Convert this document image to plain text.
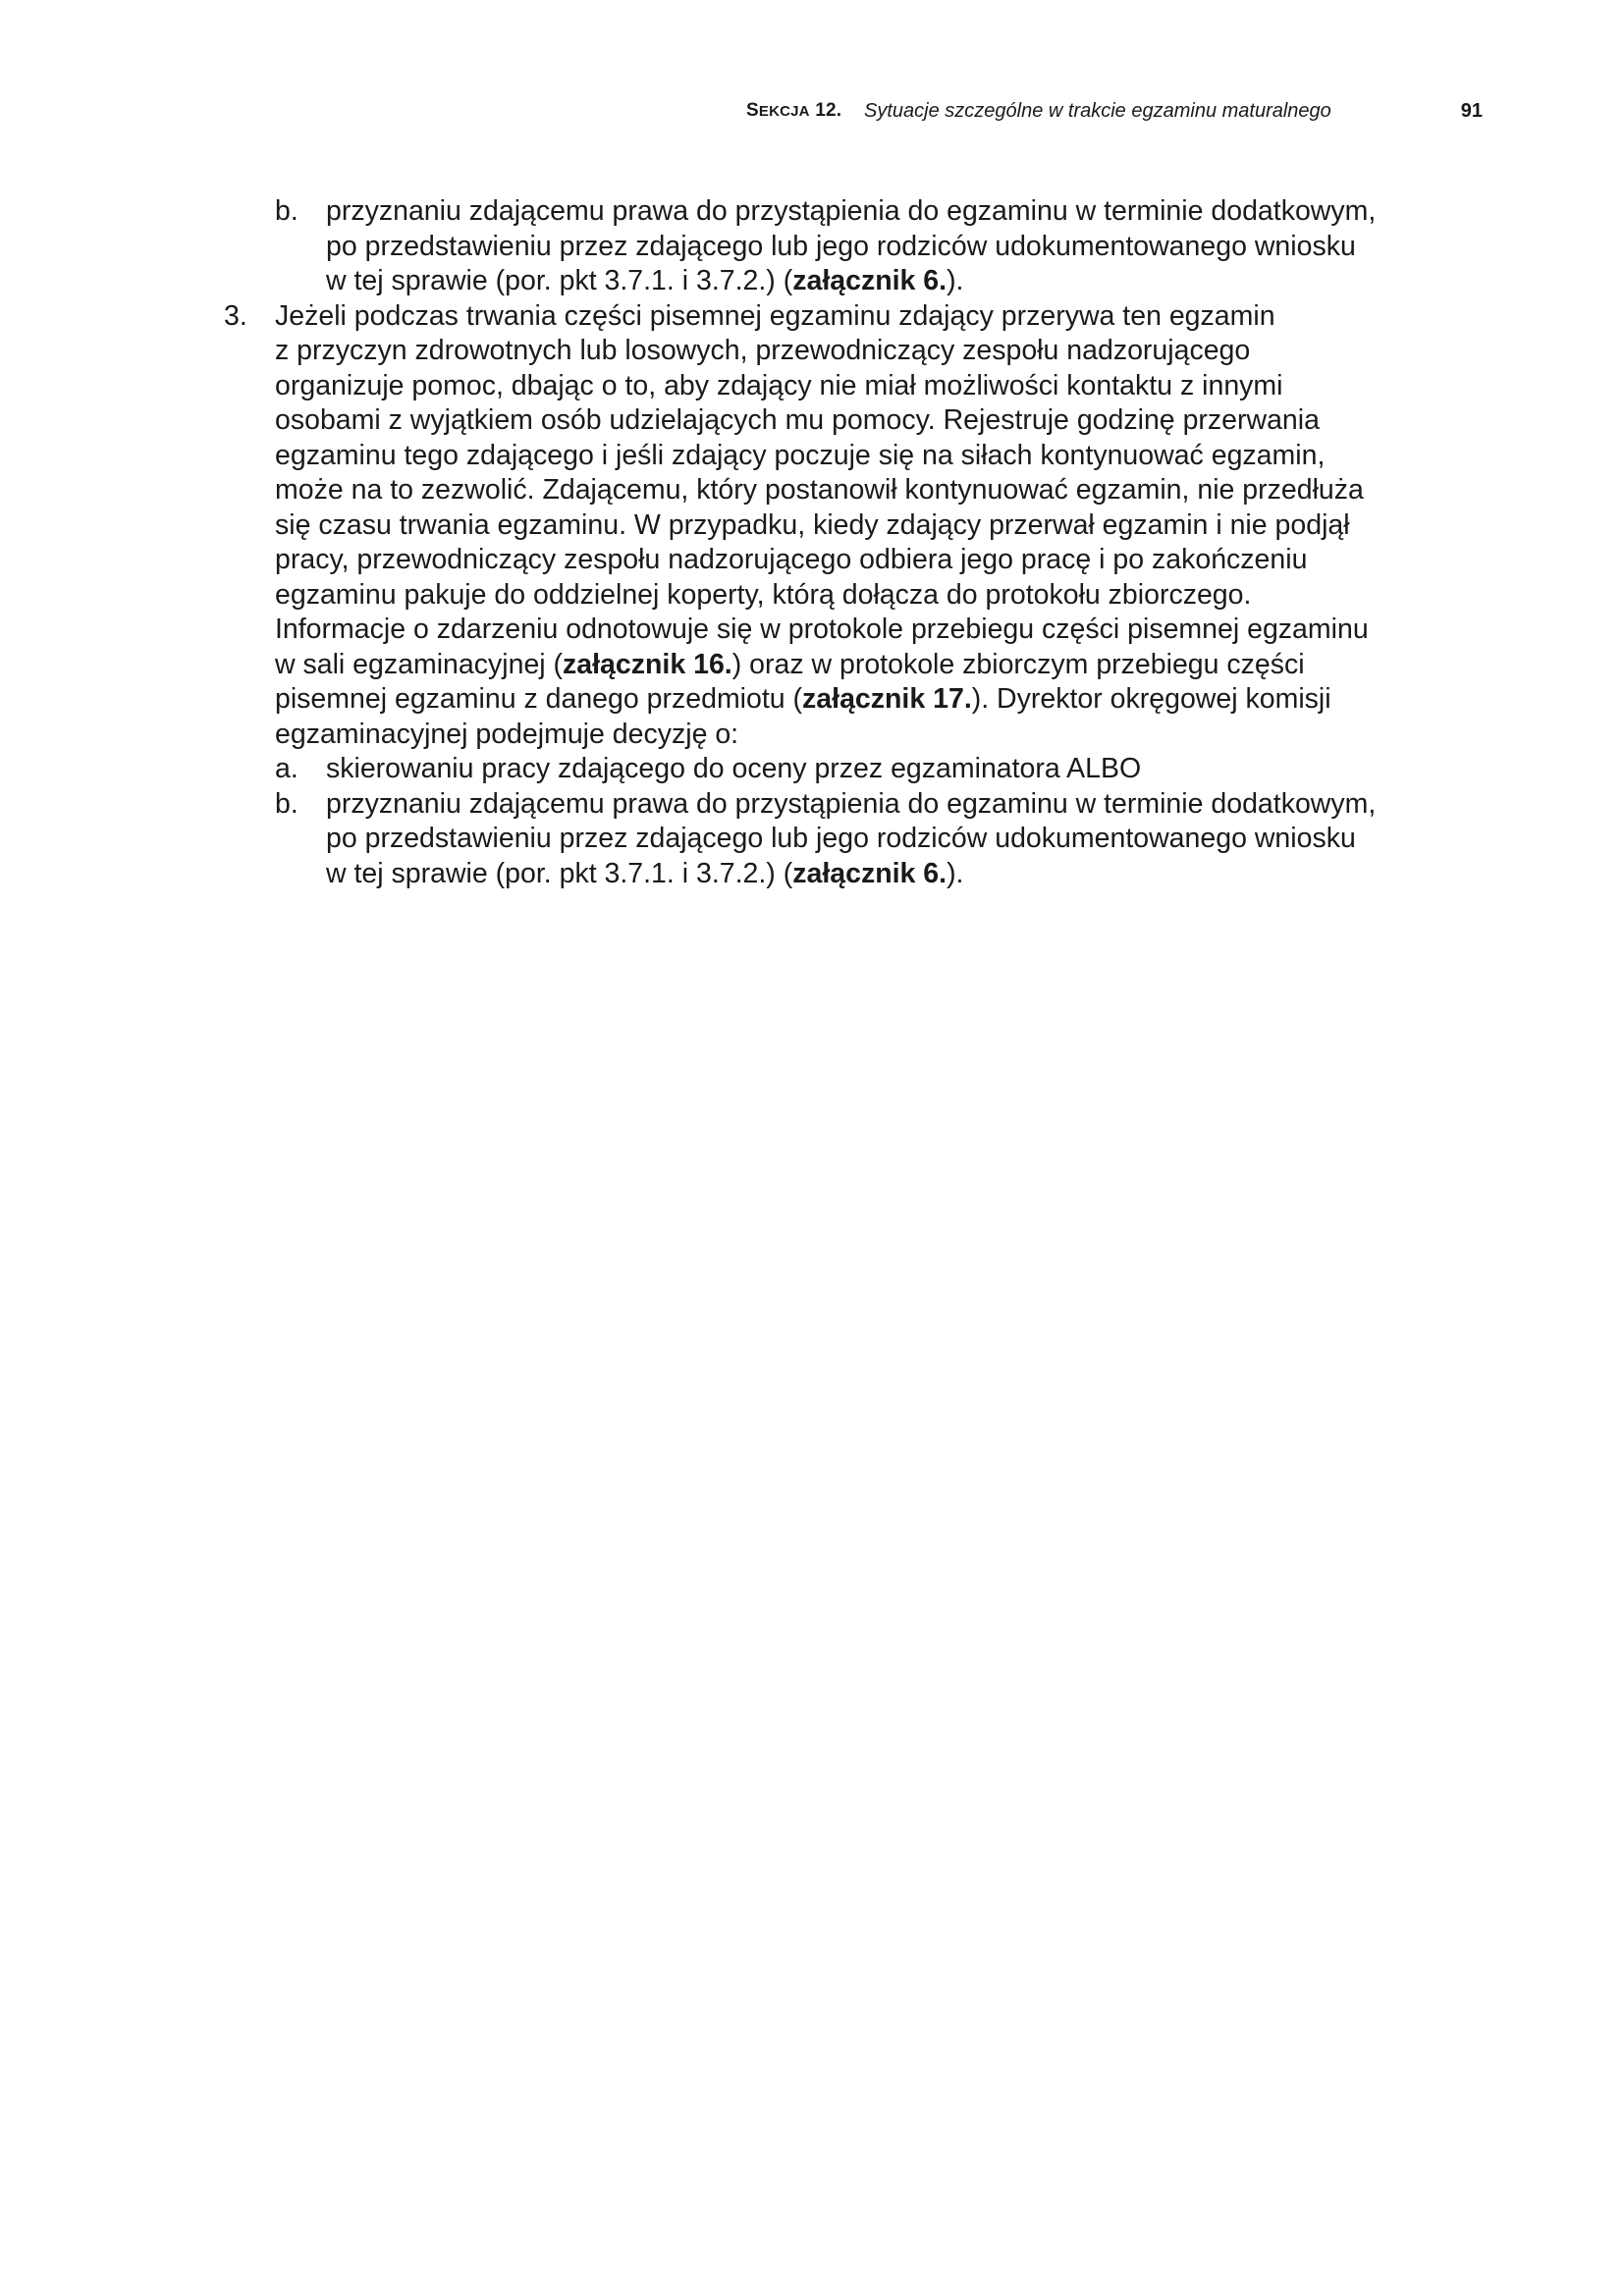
SEKCJA 12. Sytuacje szczególne w trakcie egzaminu maturalnego	91
b. przyznaniu zdającemu prawa do przystąpienia do egzaminu w terminie dodatkowym,
po przedstawieniu przez zdającego lub jego rodziców udokumentowanego wniosku
w tej sprawie (por. pkt 3.7.1. i 3.7.2.) (załącznik 6.).
3. Jeżeli podczas trwania części pisemnej egzaminu zdający przerywa ten egzamin
z przyczyn zdrowotnych lub losowych, przewodniczący zespołu nadzorującego
organizuje pomoc, dbając o to, aby zdający nie miał możliwości kontaktu z innymi
osobami z wyjątkiem osób udzielających mu pomocy. Rejestruje godzinę przerwania
egzaminu tego zdającego i jeśli zdający poczuje się na siłach kontynuować egzamin,
może na to zezwolić. Zdającemu, który postanowił kontynuować egzamin, nie przedłuża
się czasu trwania egzaminu. W przypadku, kiedy zdający przerwał egzamin i nie podjął
pracy, przewodniczący zespołu nadzorującego odbiera jego pracę i po zakończeniu
egzaminu pakuje do oddzielnej koperty, którą dołącza do protokołu zbiorczego.
Informacje o zdarzeniu odnotowuje się w protokole przebiegu części pisemnej egzaminu
w sali egzaminacyjnej (załącznik 16.) oraz w protokole zbiorczym przebiegu części
pisemnej egzaminu z danego przedmiotu (załącznik 17.). Dyrektor okręgowej komisji
egzaminacyjnej podejmuje decyzję o:
a. skierowaniu pracy zdającego do oceny przez egzaminatora ALBO
b. przyznaniu zdającemu prawa do przystąpienia do egzaminu w terminie dodatkowym,
po przedstawieniu przez zdającego lub jego rodziców udokumentowanego wniosku
w tej sprawie (por. pkt 3.7.1. i 3.7.2.) (załącznik 6.).
